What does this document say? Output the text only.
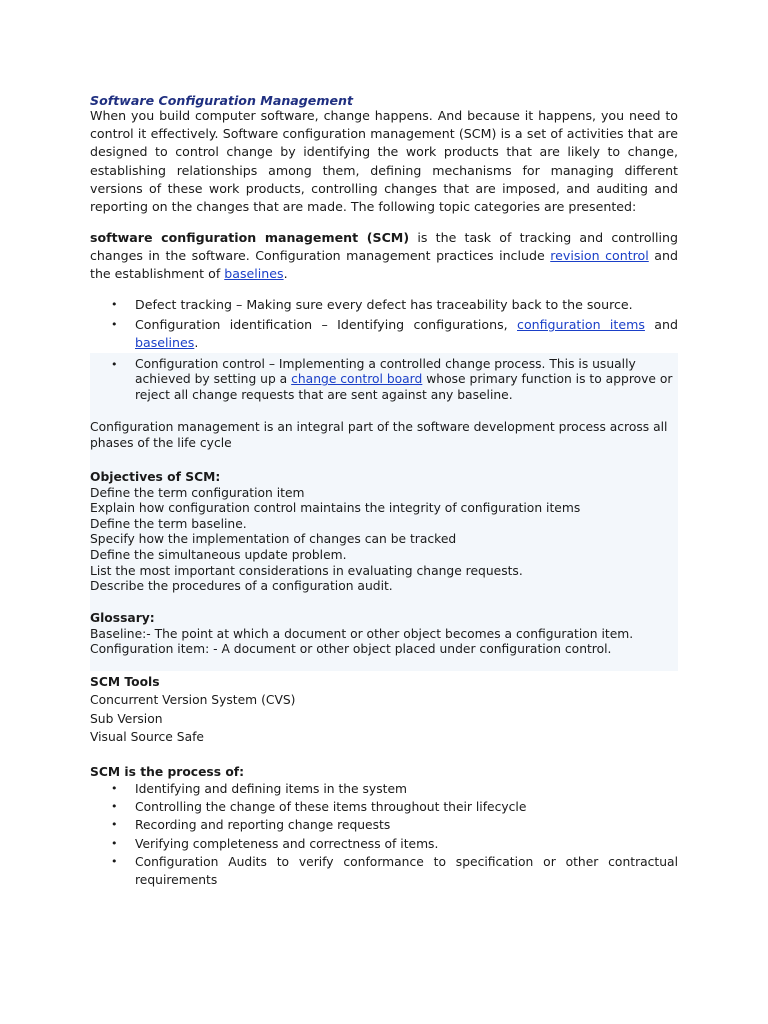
Software Configuration Management

When you build computer software, change happens. And because it happens, you need to control it effectively. Software configuration management (SCM) is a set of activities that are designed to control change by identifying the work products that are likely to change, establishing relationships among them, defining mechanisms for managing different versions of these work products, controlling changes that are imposed, and auditing and reporting on the changes that are made. The following topic categories are presented:

software configuration management (SCM) is the task of tracking and controlling changes in the software. Configuration management practices include revision control and the establishment of baselines.

• Defect tracking – Making sure every defect has traceability back to the source.
• Configuration identification – Identifying configurations, configuration items and baselines.
• Configuration control – Implementing a controlled change process. This is usually achieved by setting up a change control board whose primary function is to approve or reject all change requests that are sent against any baseline.

Configuration management is an integral part of the software development process across all phases of the life cycle

Objectives of SCM:
Define the term configuration item
Explain how configuration control maintains the integrity of configuration items
Define the term baseline.
Specify how the implementation of changes can be tracked
Define the simultaneous update problem.
List the most important considerations in evaluating change requests.
Describe the procedures of a configuration audit.
Glossary:
Baseline:- The point at which a document or other object becomes a configuration item.
Configuration item: - A document or other object placed under configuration control.
SCM Tools
Concurrent Version System (CVS)
Sub Version
Visual Source Safe
SCM is the process of:
• Identifying and defining items in the system
• Controlling the change of these items throughout their lifecycle
• Recording and reporting change requests
• Verifying completeness and correctness of items.
• Configuration Audits to verify conformance to specification or other contractual requirements
